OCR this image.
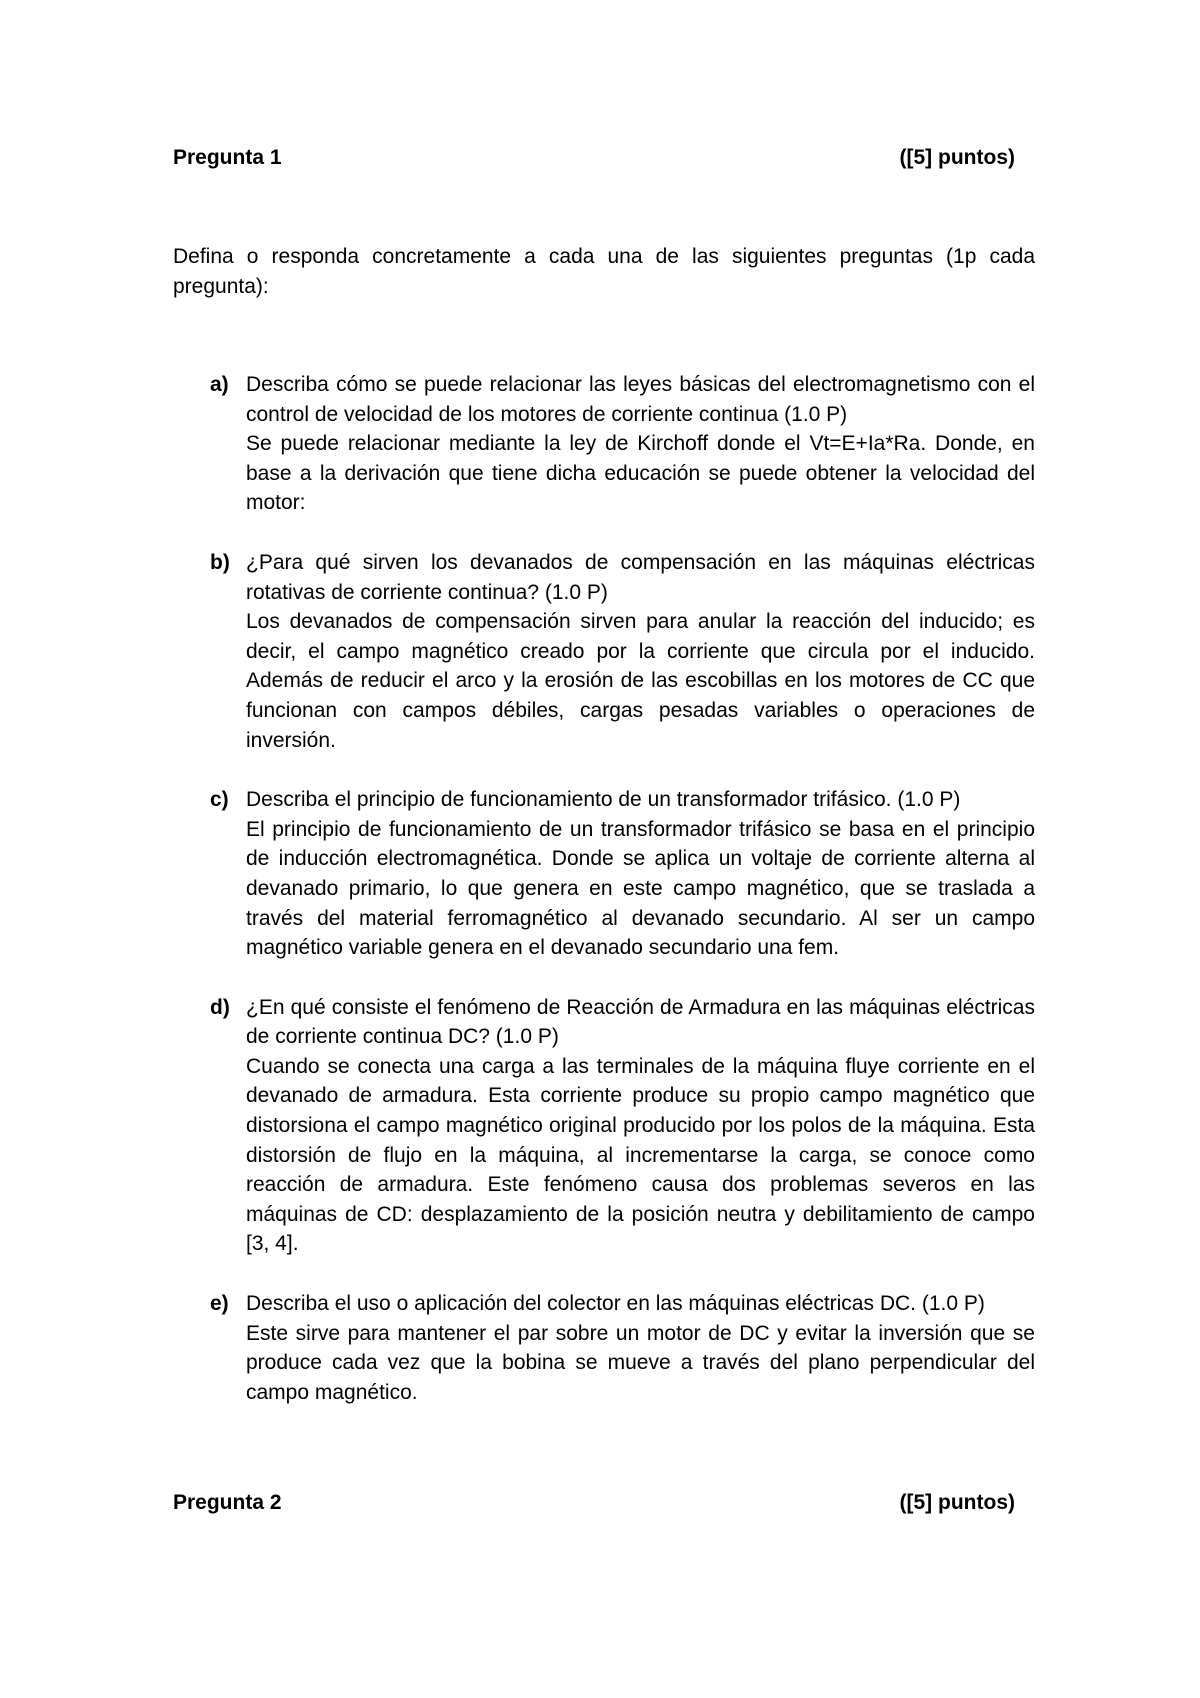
Pregunta 1	([5] puntos)
Defina o responda concretamente a cada una de las siguientes preguntas (1p cada pregunta):
a) Describa cómo se puede relacionar las leyes básicas del electromagnetismo con el control de velocidad de los motores de corriente continua (1.0 P)

Se puede relacionar mediante la ley de Kirchoff donde el Vt=E+Ia*Ra. Donde, en base a la derivación que tiene dicha educación se puede obtener la velocidad del motor:

b) ¿Para qué sirven los devanados de compensación en las máquinas eléctricas rotativas de corriente continua? (1.0 P)

Los devanados de compensación sirven para anular la reacción del inducido; es decir, el campo magnético creado por la corriente que circula por el inducido. Además de reducir el arco y la erosión de las escobillas en los motores de CC que funcionan con campos débiles, cargas pesadas variables o operaciones de inversión.

c) Describa el principio de funcionamiento de un transformador trifásico. (1.0 P)

El principio de funcionamiento de un transformador trifásico se basa en el principio de inducción electromagnética. Donde se aplica un voltaje de corriente alterna al devanado primario, lo que genera en este campo magnético, que se traslada a través del material ferromagnético al devanado secundario. Al ser un campo magnético variable genera en el devanado secundario una fem.

d) ¿En qué consiste el fenómeno de Reacción de Armadura en las máquinas eléctricas de corriente continua DC? (1.0 P)

Cuando se conecta una carga a las terminales de la máquina fluye corriente en el devanado de armadura. Esta corriente produce su propio campo magnético que distorsiona el campo magnético original producido por los polos de la máquina. Esta distorsión de flujo en la máquina, al incrementarse la carga, se conoce como reacción de armadura. Este fenómeno causa dos problemas severos en las máquinas de CD: desplazamiento de la posición neutra y debilitamiento de campo [3, 4].

e) Describa el uso o aplicación del colector en las máquinas eléctricas DC. (1.0 P)

Este sirve para mantener el par sobre un motor de DC y evitar la inversión que se produce cada vez que la bobina se mueve a través del plano perpendicular del campo magnético.

Pregunta 2	([5] puntos)
